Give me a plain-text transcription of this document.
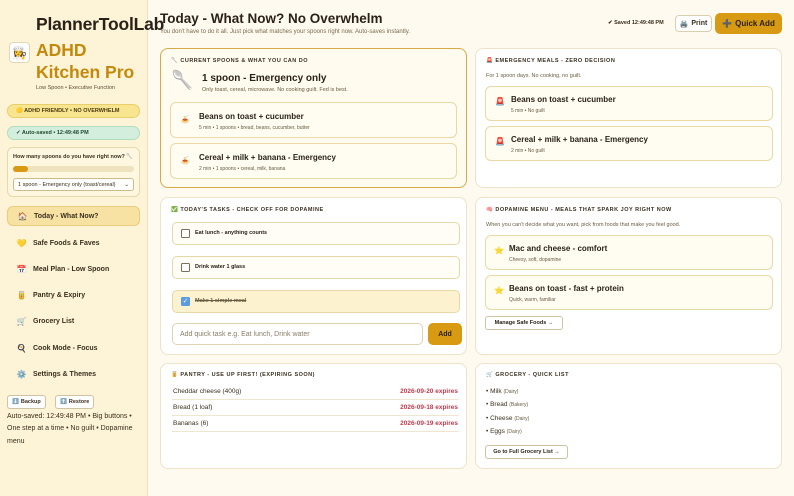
PlannerToolLab
👩‍🍳 ADHD Kitchen Pro
Low Spoon • Executive Function
🟡 ADHD FRIENDLY • NO OVERWHELM
✓ Auto-saved • 12:49:48 PM
How many spoons do you have right now? 🥄
1 spoon - Emergency only (toast/cereal) ⌄
🏠 Today - What Now?
💛 Safe Foods & Faves
📅 Meal Plan - Low Spoon
🥫 Pantry & Expiry
🛒 Grocery List
🍳 Cook Mode - Focus
⚙️ Settings & Themes
⬇️ Backup	⬆️ Restore
Auto-saved: 12:49:48 PM • Big buttons • One step at a time • No guilt • Dopamine menu
Today - What Now? No Overwhelm
You don't have to do it all. Just pick what matches your spoons right now. Auto-saves instantly.
✔ Saved 12:49:48 PM 🖨️ Print ➕ Quick Add
🥄 CURRENT SPOONS & WHAT YOU CAN DO
🥄 1 spoon - Emergency only
Only toast, cereal, microwave. No cooking guilt. Fed is best.
🍝 Beans on toast + cucumber
5 min • 1 spoons • bread, beans, cucumber, butter
🍝 Cereal + milk + banana - Emergency
2 min • 1 spoons • cereal, milk, banana
🚨 EMERGENCY MEALS - ZERO DECISION
For 1 spoon days. No cooking, no guilt.
🚨 Beans on toast + cucumber
5 min • No guilt
🚨 Cereal + milk + banana - Emergency
2 min • No guilt
✅ TODAY'S TASKS - CHECK OFF FOR DOPAMINE
Eat lunch - anything counts
Drink water 1 glass
✓ Make 1 simple meal
Add quick task e.g. Eat lunch, Drink water	Add
🧠 DOPAMINE MENU - MEALS THAT SPARK JOY RIGHT NOW
When you can't decide what you want, pick from foods that make you feel good.
⭐ Mac and cheese - comfort
Cheesy, soft, dopamine
⭐ Beans on toast - fast + protein
Quick, warm, familiar
Manage Safe Foods →
🥫 PANTRY - USE UP FIRST! (EXPIRING SOON)
Cheddar cheese (400g)	2026-09-20 expires
Bread (1 loaf)	2026-09-18 expires
Bananas (6)	2026-09-19 expires
🛒 GROCERY - QUICK LIST
• Milk (Dairy)
• Bread (Bakery)
• Cheese (Dairy)
• Eggs (Dairy)
Go to Full Grocery List →
